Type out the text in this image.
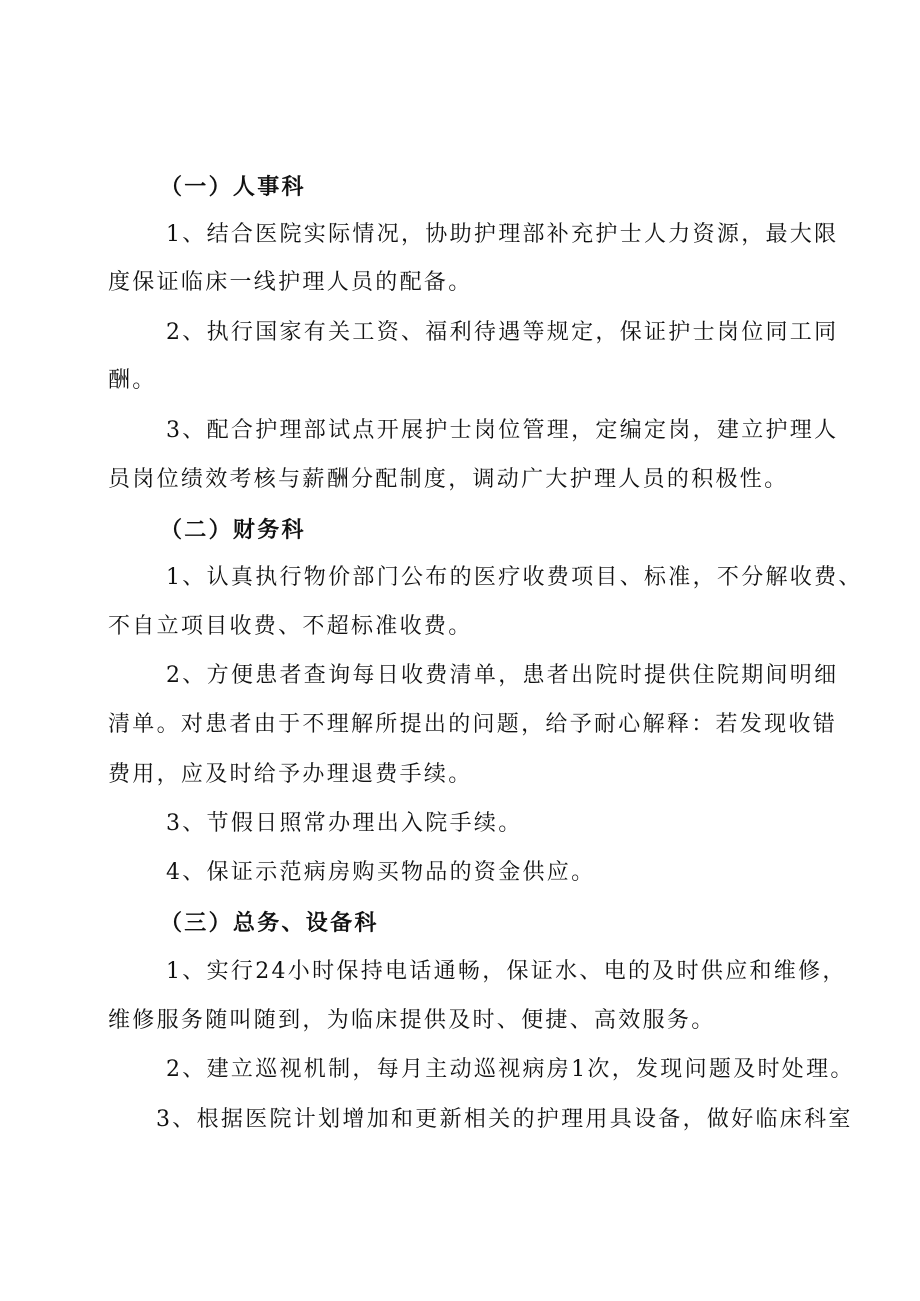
（一）人事科
1、结合医院实际情况，协助护理部补充护士人力资源，最大限
度保证临床一线护理人员的配备。
2、执行国家有关工资、福利待遇等规定，保证护士岗位同工同
酬。
3、配合护理部试点开展护士岗位管理，定编定岗，建立护理人
员岗位绩效考核与薪酬分配制度，调动广大护理人员的积极性。
（二）财务科
1、认真执行物价部门公布的医疗收费项目、标准，不分解收费、
不自立项目收费、不超标准收费。
2、方便患者查询每日收费清单，患者出院时提供住院期间明细
清单。对患者由于不理解所提出的问题，给予耐心解释：若发现收错
费用，应及时给予办理退费手续。
3、节假日照常办理出入院手续。
4、保证示范病房购买物品的资金供应。
（三）总务、设备科
1、实行24小时保持电话通畅，保证水、电的及时供应和维修，
维修服务随叫随到，为临床提供及时、便捷、高效服务。
2、建立巡视机制，每月主动巡视病房1次，发现问题及时处理。
3、根据医院计划增加和更新相关的护理用具设备，做好临床科室
